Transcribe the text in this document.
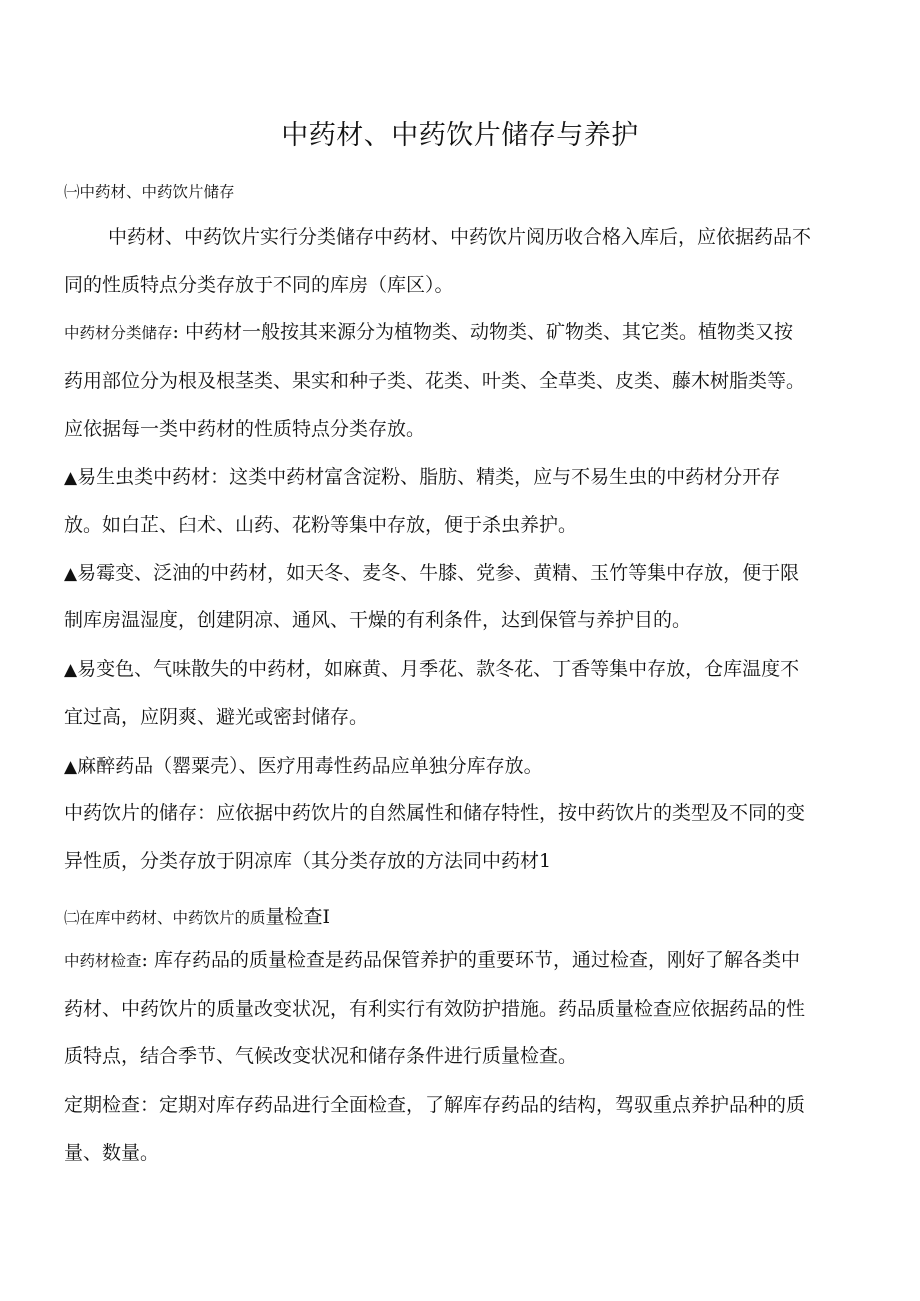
中药材、中药饮片储存与养护
㈠中药材、中药饮片储存
中药材、中药饮片实行分类储存中药材、中药饮片阅历收合格入库后，应依据药品不
同的性质特点分类存放于不同的库房（库区）。
中药材分类储存: 中药材一般按其来源分为植物类、动物类、矿物类、其它类。植物类又按
药用部位分为根及根茎类、果实和种子类、花类、叶类、全草类、皮类、藤木树脂类等。
应依据每一类中药材的性质特点分类存放。
▲易生虫类中药材：这类中药材富含淀粉、脂肪、精类，应与不易生虫的中药材分开存
放。如白芷、臼术、山药、花粉等集中存放，便于杀虫养护。
▲易霉变、泛油的中药材，如天冬、麦冬、牛膝、党参、黄精、玉竹等集中存放，便于限
制库房温湿度，创建阴凉、通风、干燥的有利条件，达到保管与养护目的。
▲易变色、气味散失的中药材，如麻黄、月季花、款冬花、丁香等集中存放，仓库温度不
宜过高，应阴爽、避光或密封储存。
▲麻醉药品（罂粟壳）、医疗用毒性药品应单独分库存放。
中药饮片的储存：应依据中药饮片的自然属性和储存特性，按中药饮片的类型及不同的变
异性质，分类存放于阴凉库（其分类存放的方法同中药材1
㈡在库中药材、中药饮片的质量检查I
中药材检查: 库存药品的质量检查是药品保管养护的重要环节，通过检查，刚好了解各类中
药材、中药饮片的质量改变状况，有利实行有效防护措施。药品质量检查应依据药品的性
质特点，结合季节、气候改变状况和储存条件进行质量检查。
定期检查：定期对库存药品进行全面检查，了解库存药品的结构，驾驭重点养护品种的质
量、数量。
